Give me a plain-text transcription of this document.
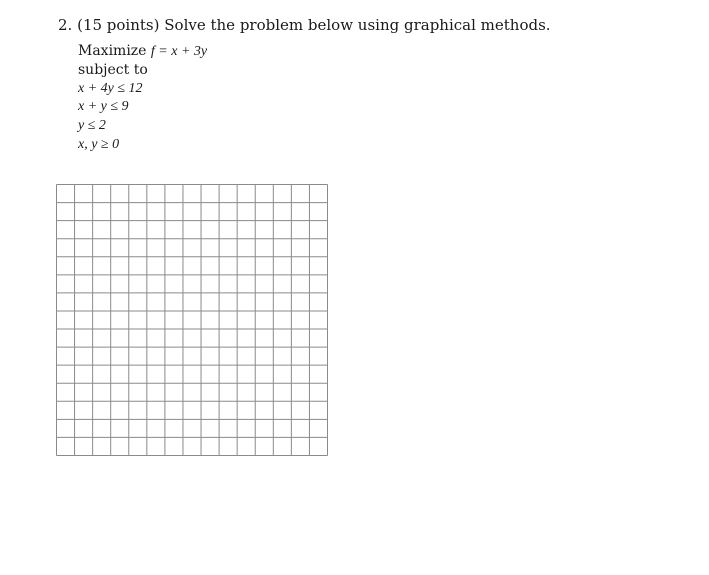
2. (15 points) Solve the problem below using graphical methods.
Maximize f = x + 3y
subject to
x + 4y ≤ 12
x + y ≤ 9
y ≤ 2
x, y ≥ 0
